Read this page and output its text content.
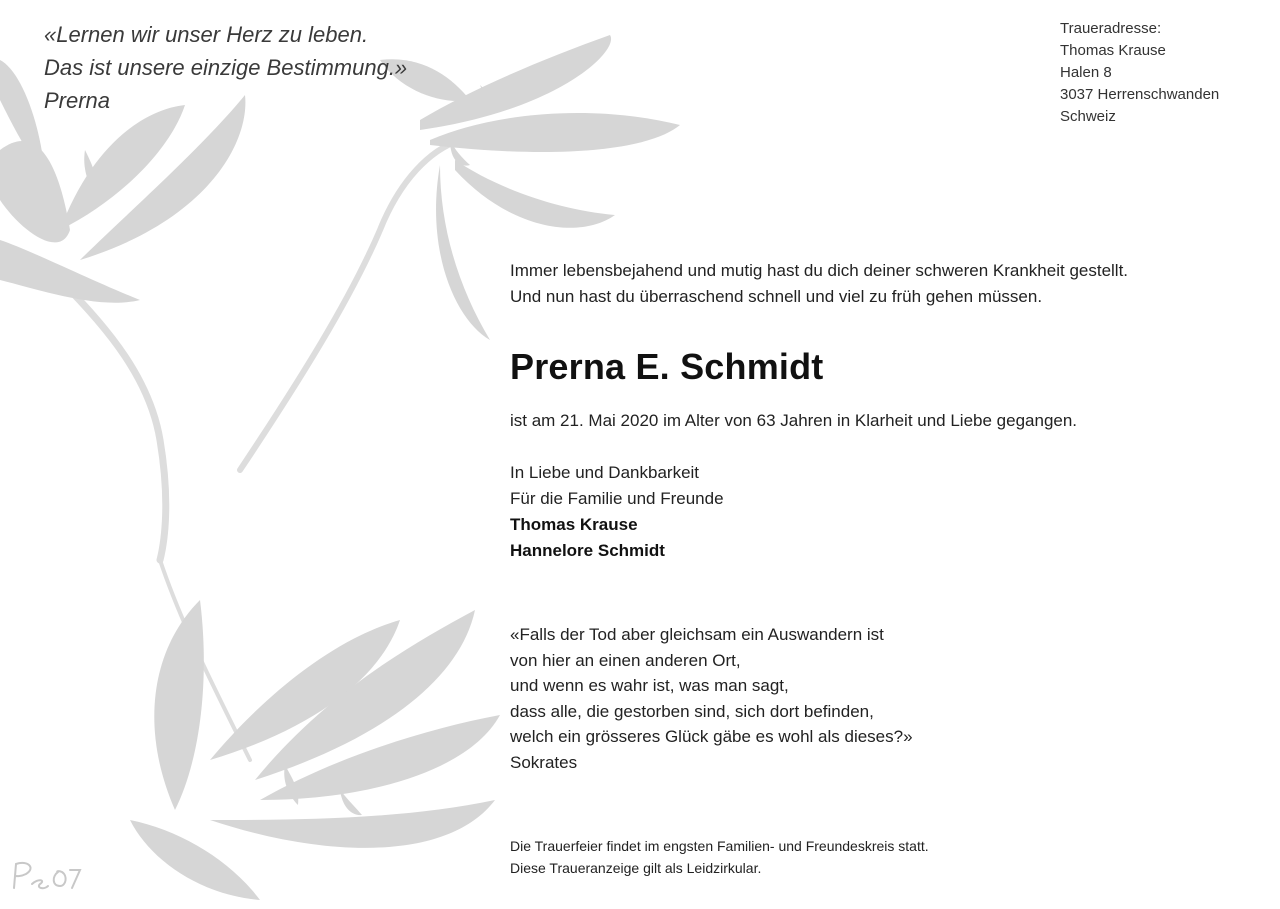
«Lernen wir unser Herz zu leben.
Das ist unsere einzige Bestimmung.»
Prerna
Traueradresse:
Thomas Krause
Halen 8
3037 Herrenschwanden
Schweiz
Immer lebensbejahend und mutig hast du dich deiner schweren Krankheit gestellt.
Und nun hast du überraschend schnell und viel zu früh gehen müssen.
Prerna E. Schmidt
ist am 21. Mai 2020 im Alter von 63 Jahren in Klarheit und Liebe gegangen.
In Liebe und Dankbarkeit
Für die Familie und Freunde
Thomas Krause
Hannelore Schmidt
«Falls der Tod aber gleichsam ein Auswandern ist
von hier an einen anderen Ort,
und wenn es wahr ist, was man sagt,
dass alle, die gestorben sind, sich dort befinden,
welch ein grösseres Glück gäbe es wohl als dieses?»
Sokrates
Die Trauerfeier findet im engsten Familien- und Freundeskreis statt.
Diese Traueranzeige gilt als Leidzirkular.
